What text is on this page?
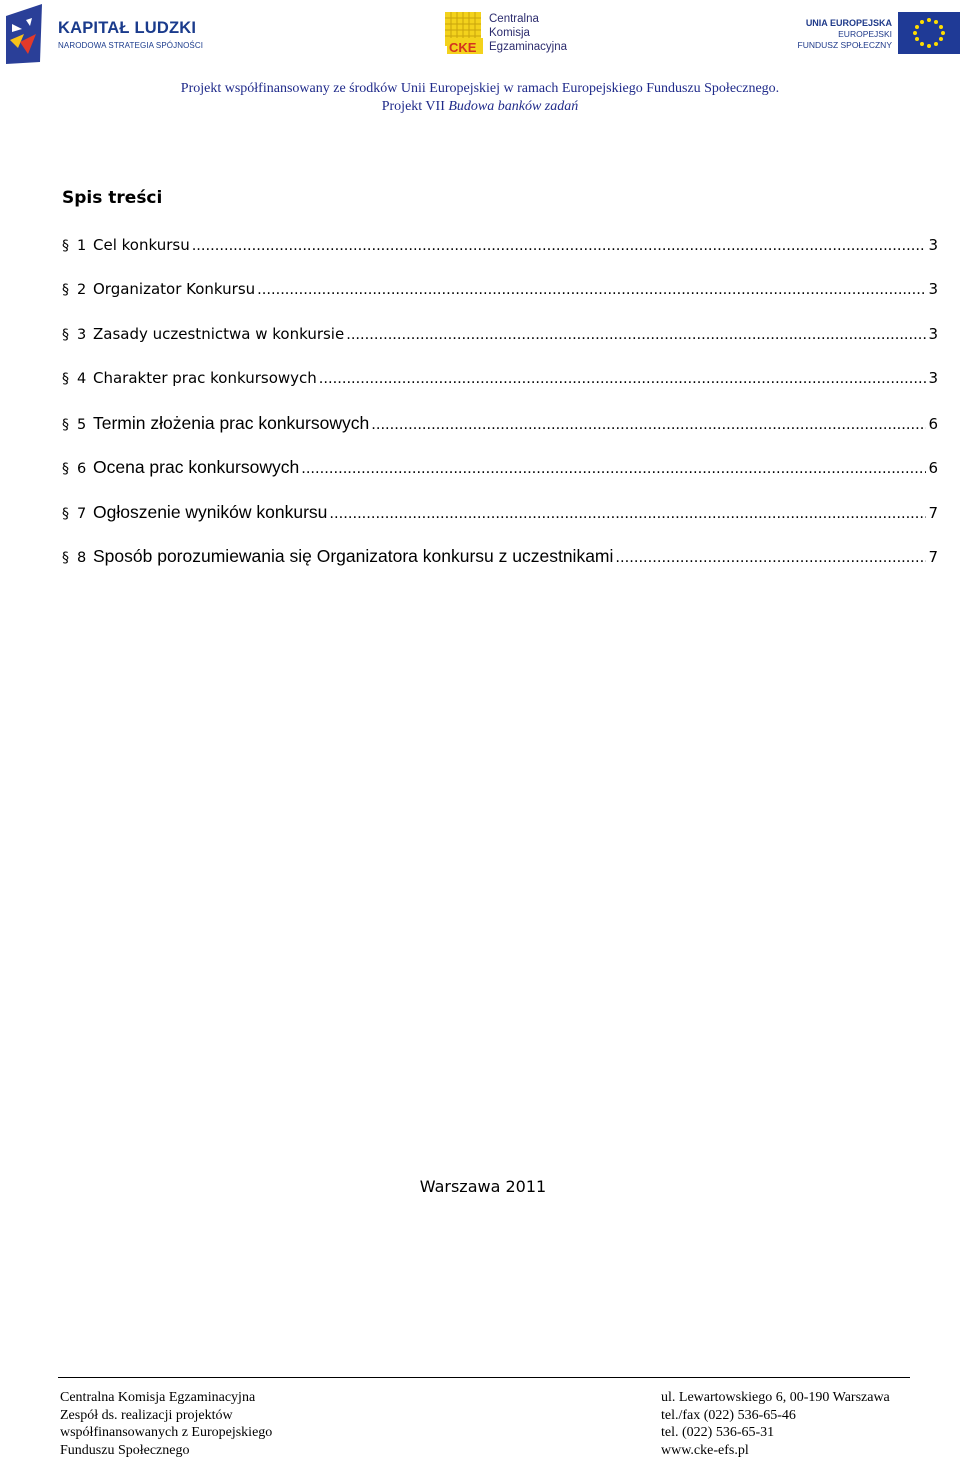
KAPITAŁ LUDZKI
NARODOWA STRATEGIA SPÓJNOŚCI	CKE
Centralna
Komisja
Egzaminacyjna
UNIA EUROPEJSKA
EUROPEJSKI
FUNDUSZ SPOŁECZNY
Projekt współfinansowany ze środków Unii Europejskiej w ramach Europejskiego Funduszu Społecznego.
Projekt VII Budowa banków zadań
Spis treści
§ 1 Cel konkursu .....	3
§ 2 Organizator Konkursu .....	3
§ 3 Zasady uczestnictwa w konkursie .....	3
§ 4 Charakter prac konkursowych .....	3
§ 5 Termin złożenia prac konkursowych .....	6
§ 6 Ocena prac konkursowych .....	6
§ 7 Ogłoszenie wyników konkursu .....	7
§ 8 Sposób porozumiewania się Organizatora konkursu z uczestnikami .....	7
Warszawa 2011
Centralna Komisja Egzaminacyjna
Zespół ds. realizacji projektów
współfinansowanych z Europejskiego
Funduszu Społecznego
ul. Lewartowskiego 6, 00-190 Warszawa
tel./fax (022) 536-65-46
tel. (022) 536-65-31
www.cke-efs.pl
